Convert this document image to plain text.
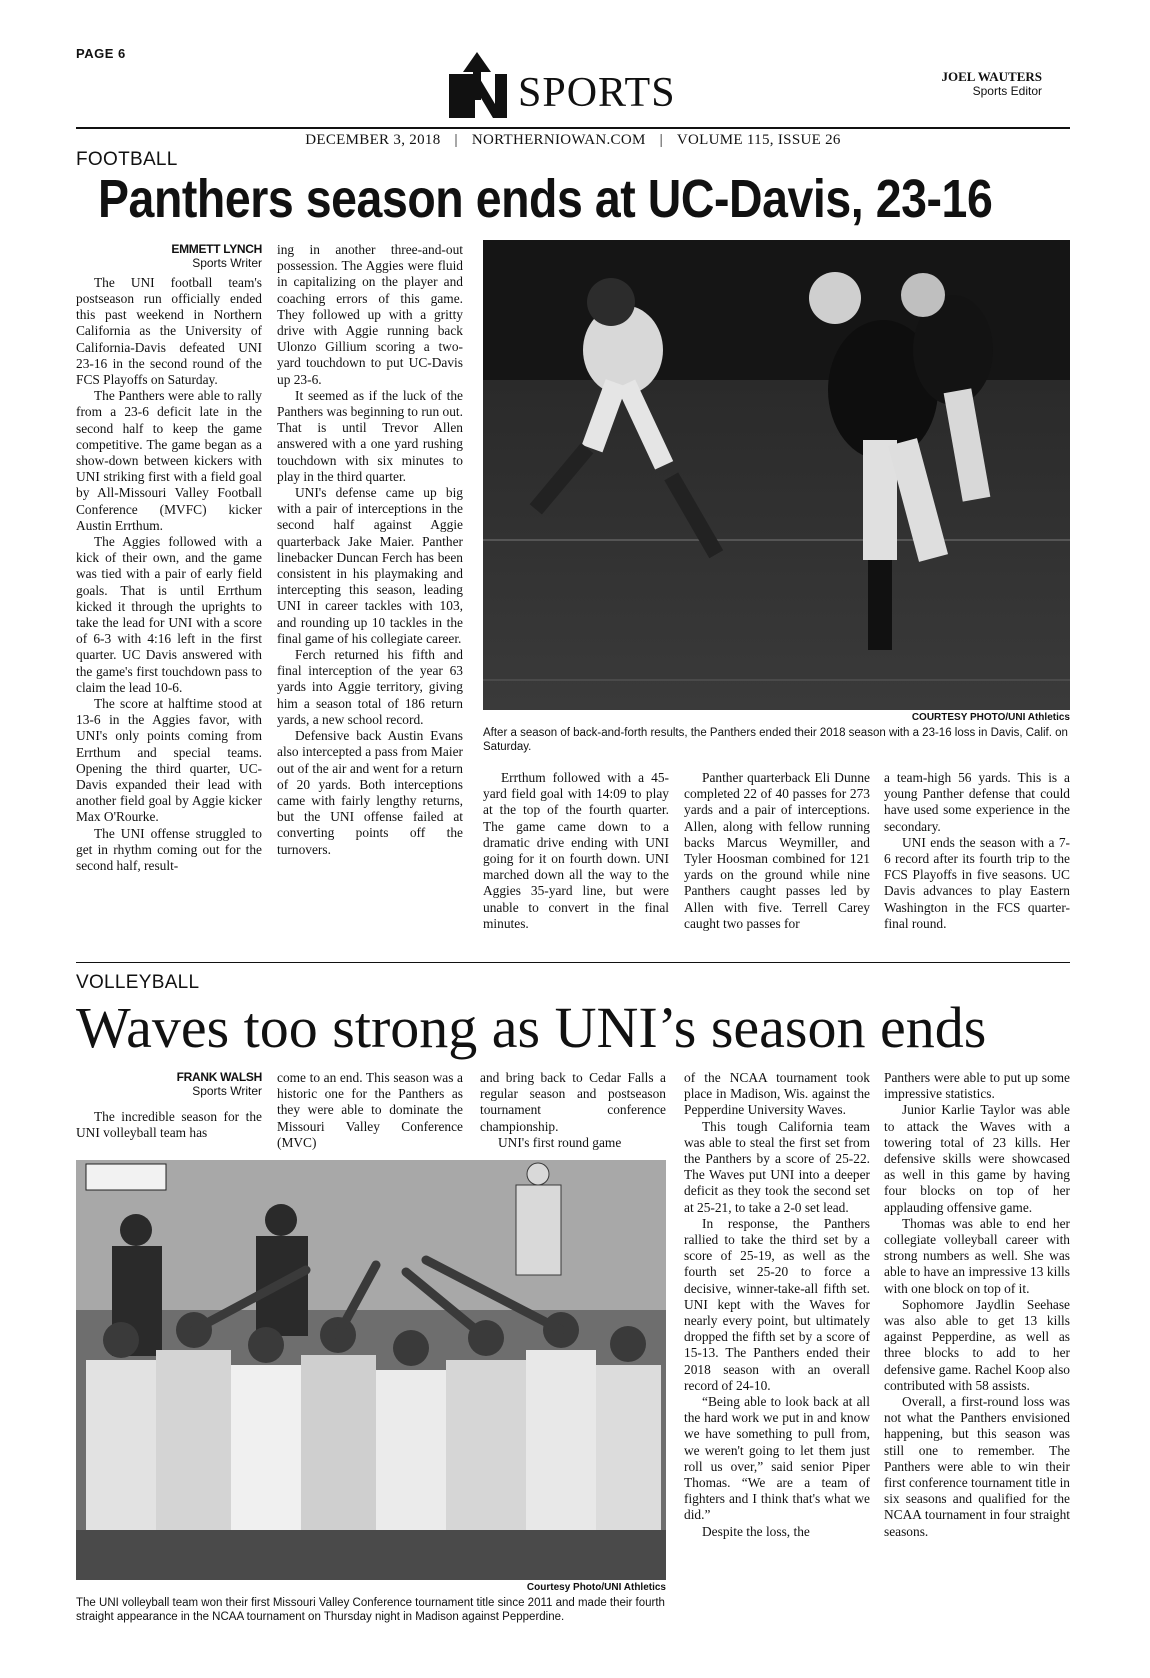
PAGE 6
SPORTS	JOEL WAUTERS
Sports Editor
DECEMBER 3, 2018 | NORTHERNIOWAN.COM | VOLUME 115, ISSUE 26
FOOTBALL
Panthers season ends at UC-Davis, 23-16
EMMETT LYNCH
Sports Writer

The UNI football team's postseason run officially ended this past weekend in Northern California as the University of California-Davis defeated UNI 23-16 in the second round of the FCS Playoffs on Saturday.

The Panthers were able to rally from a 23-6 deficit late in the second half to keep the game competitive. The game began as a show-down between kickers with UNI striking first with a field goal by All-Missouri Valley Football Conference (MVFC) kicker Austin Errthum.

The Aggies followed with a kick of their own, and the game was tied with a pair of early field goals. That is until Errthum kicked it through the uprights to take the lead for UNI with a score of 6-3 with 4:16 left in the first quarter. UC Davis answered with the game's first touchdown pass to claim the lead 10-6.

The score at halftime stood at 13-6 in the Aggies favor, with UNI's only points coming from Errthum and special teams. Opening the third quarter, UC-Davis expanded their lead with another field goal by Aggie kicker Max O'Rourke.

The UNI offense struggled to get in rhythm coming out for the second half, result-

ing in another three-and-out possession. The Aggies were fluid in capitalizing on the player and coaching errors of this game. They followed up with a gritty drive with Aggie running back Ulonzo Gillium scoring a two-yard touchdown to put UC-Davis up 23-6.

It seemed as if the luck of the Panthers was beginning to run out. That is until Trevor Allen answered with a one yard rushing touchdown with six minutes to play in the third quarter.

UNI's defense came up big with a pair of interceptions in the second half against Aggie quarterback Jake Maier. Panther linebacker Duncan Ferch has been consistent in his playmaking and intercepting this season, leading UNI in career tackles with 103, and rounding up 10 tackles in the final game of his collegiate career.

Ferch returned his fifth and final interception of the year 63 yards into Aggie territory, giving him a season total of 186 return yards, a new school record.

Defensive back Austin Evans also intercepted a pass from Maier out of the air and went for a return of 20 yards. Both interceptions came with fairly lengthy returns, but the UNI offense failed at converting points off the turnovers.

COURTESY PHOTO/UNI Athletics
After a season of back-and-forth results, the Panthers ended their 2018 season with a 23-16 loss in Davis, Calif. on Saturday.

Errthum followed with a 45-yard field goal with 14:09 to play at the top of the fourth quarter. The game came down to a dramatic drive ending with UNI going for it on fourth down. UNI marched down all the way to the Aggies 35-yard line, but were unable to convert in the final minutes.

Panther quarterback Eli Dunne completed 22 of 40 passes for 273 yards and a pair of interceptions. Allen, along with fellow running backs Marcus Weymiller, and Tyler Hoosman combined for 121 yards on the ground while nine Panthers caught passes led by Allen with five. Terrell Carey caught two passes for

a team-high 56 yards. This is a young Panther defense that could have used some experience in the secondary.

UNI ends the season with a 7-6 record after its fourth trip to the FCS Playoffs in five seasons. UC Davis advances to play Eastern Washington in the FCS quarter-final round.

VOLLEYBALL
Waves too strong as UNI’s season ends
FRANK WALSH
Sports Writer

The incredible season for the UNI volleyball team has

come to an end. This season was a historic one for the Panthers as they were able to dominate the Missouri Valley Conference (MVC)

and bring back to Cedar Falls a regular season and postseason tournament conference championship.

UNI's first round game

Courtesy Photo/UNI Athletics
The UNI volleyball team won their first Missouri Valley Conference tournament title since 2011 and made their fourth straight appearance in the NCAA tournament on Thursday night in Madison against Pepperdine.

of the NCAA tournament took place in Madison, Wis. against the Pepperdine University Waves.

This tough California team was able to steal the first set from the Panthers by a score of 25-22. The Waves put UNI into a deeper deficit as they took the second set at 25-21, to take a 2-0 set lead.

In response, the Panthers rallied to take the third set by a score of 25-19, as well as the fourth set 25-20 to force a decisive, winner-take-all fifth set. UNI kept with the Waves for nearly every point, but ultimately dropped the fifth set by a score of 15-13. The Panthers ended their 2018 season with an overall record of 24-10.

“Being able to look back at all the hard work we put in and know we have something to pull from, we weren't going to let them just roll us over,” said senior Piper Thomas. “We are a team of fighters and I think that's what we did.”

Despite the loss, the

Panthers were able to put up some impressive statistics.

Junior Karlie Taylor was able to attack the Waves with a towering total of 23 kills. Her defensive skills were showcased as well in this game by having four blocks on top of her applauding offensive game.

Thomas was able to end her collegiate volleyball career with strong numbers as well. She was able to have an impressive 13 kills with one block on top of it.

Sophomore Jaydlin Seehase was also able to get 13 kills against Pepperdine, as well as three blocks to add to her defensive game. Rachel Koop also contributed with 58 assists.

Overall, a first-round loss was not what the Panthers envisioned happening, but this season was still one to remember. The Panthers were able to win their first conference tournament title in six seasons and qualified for the NCAA tournament in four straight seasons.
